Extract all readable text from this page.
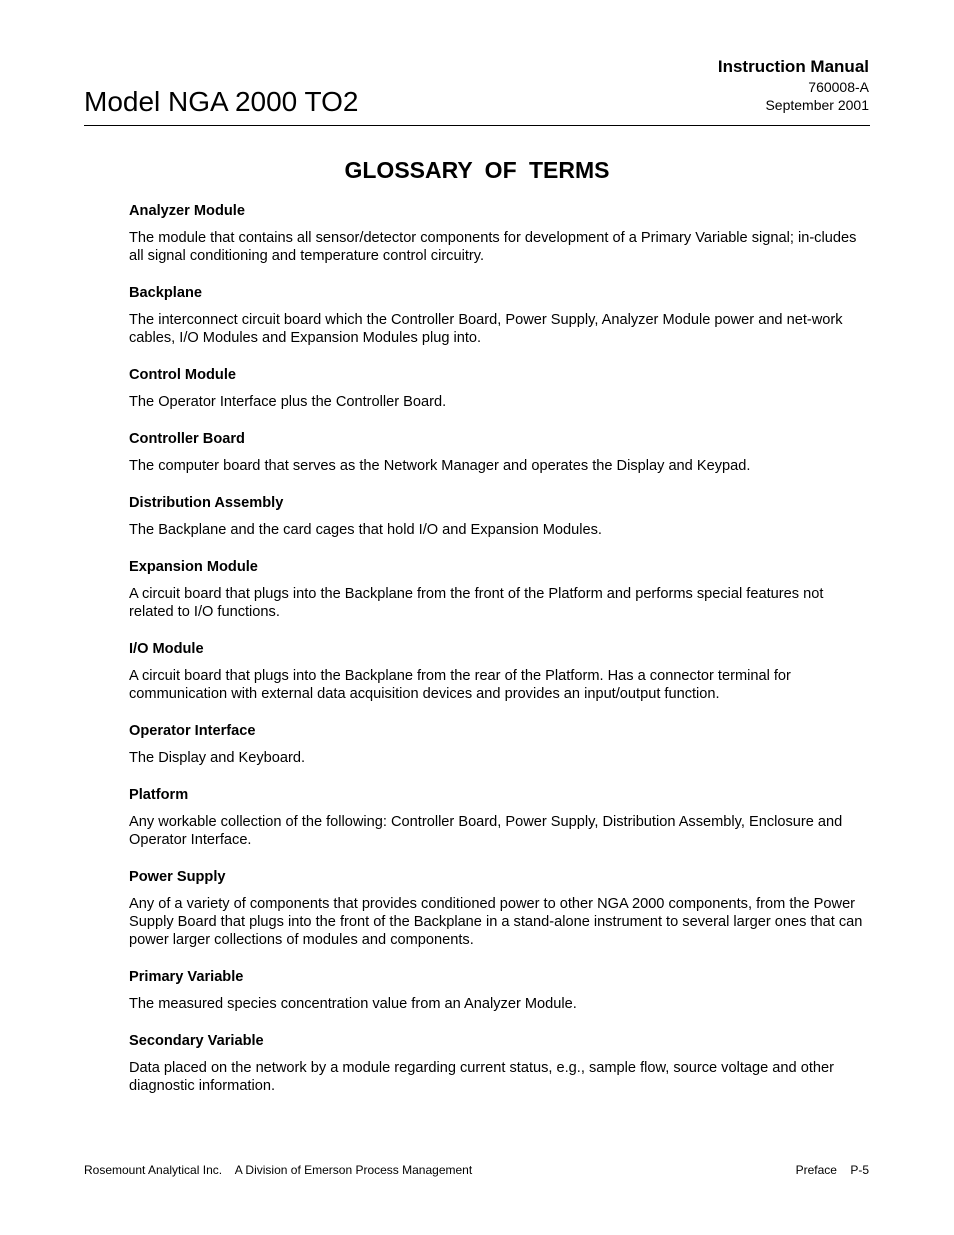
Model NGA 2000 TO2
Instruction Manual
760008-A
September 2001
GLOSSARY OF TERMS

Analyzer Module

The module that contains all sensor/detector components for development of a Primary Variable signal; in-cludes all signal conditioning and temperature control circuitry.

Backplane

The interconnect circuit board which the Controller Board, Power Supply, Analyzer Module power and net-work cables, I/O Modules and Expansion Modules plug into.

Control Module

The Operator Interface plus the Controller Board.

Controller Board

The computer board that serves as the Network Manager and operates the Display and Keypad.

Distribution Assembly

The Backplane and the card cages that hold I/O and Expansion Modules.

Expansion Module

A circuit board that plugs into the Backplane from the front of the Platform and performs special features not related to I/O functions.

I/O Module

A circuit board that plugs into the Backplane from the rear of the Platform. Has a connector terminal for communication with external data acquisition devices and provides an input/output function.

Operator Interface

The Display and Keyboard.

Platform

Any workable collection of the following: Controller Board, Power Supply, Distribution Assembly, Enclosure and Operator Interface.

Power Supply

Any of a variety of components that provides conditioned power to other NGA 2000 components, from the Power Supply Board that plugs into the front of the Backplane in a stand-alone instrument to several larger ones that can power larger collections of modules and components.

Primary Variable

The measured species concentration value from an Analyzer Module.

Secondary Variable

Data placed on the network by a module regarding current status, e.g., sample flow, source voltage and other diagnostic information.

Rosemount Analytical Inc.    A Division of Emerson Process Management	Preface    P-5
